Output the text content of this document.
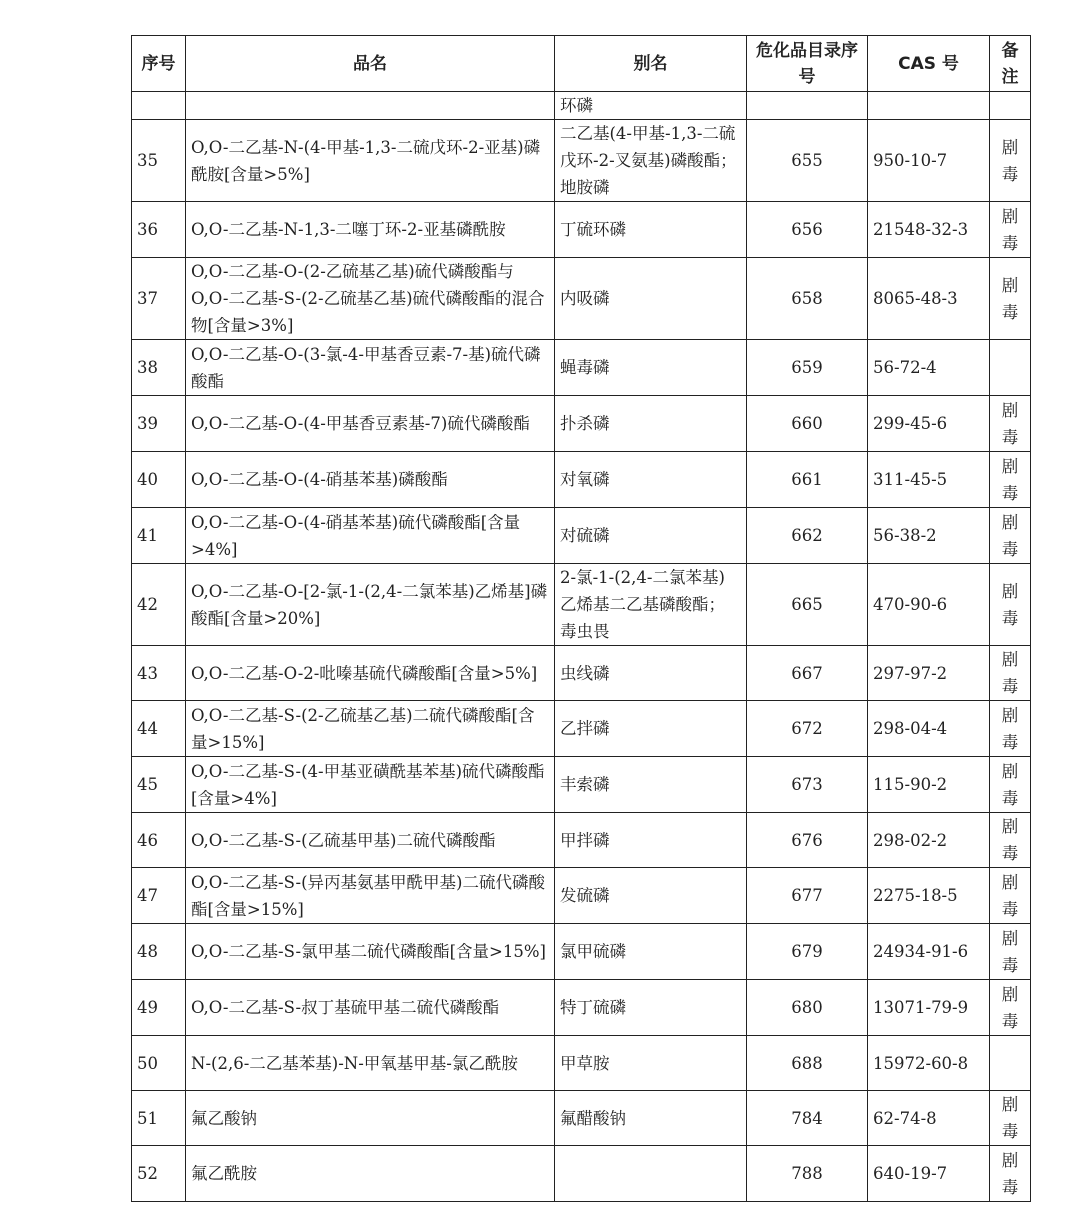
序号	品名	别名	危化品目录序号	CAS 号	备注
		环磷			
35	O,O-二乙基-N-(4-甲基-1,3-二硫戊环-2-亚基)磷酰胺[含量>5%]	二乙基(4-甲基-1,3-二硫戊环-2-叉氨基)磷酸酯；地胺磷	655	950-10-7	剧毒
36	O,O-二乙基-N-1,3-二噻丁环-2-亚基磷酰胺	丁硫环磷	656	21548-32-3	剧毒
37	O,O-二乙基-O-(2-乙硫基乙基)硫代磷酸酯与O,O-二乙基-S-(2-乙硫基乙基)硫代磷酸酯的混合物[含量>3%]	内吸磷	658	8065-48-3	剧毒
38	O,O-二乙基-O-(3-氯-4-甲基香豆素-7-基)硫代磷酸酯	蝇毒磷	659	56-72-4	
39	O,O-二乙基-O-(4-甲基香豆素基-7)硫代磷酸酯	扑杀磷	660	299-45-6	剧毒
40	O,O-二乙基-O-(4-硝基苯基)磷酸酯	对氧磷	661	311-45-5	剧毒
41	O,O-二乙基-O-(4-硝基苯基)硫代磷酸酯[含量>4%]	对硫磷	662	56-38-2	剧毒
42	O,O-二乙基-O-[2-氯-1-(2,4-二氯苯基)乙烯基]磷酸酯[含量>20%]	2-氯-1-(2,4-二氯苯基)乙烯基二乙基磷酸酯；毒虫畏	665	470-90-6	剧毒
43	O,O-二乙基-O-2-吡嗪基硫代磷酸酯[含量>5%]	虫线磷	667	297-97-2	剧毒
44	O,O-二乙基-S-(2-乙硫基乙基)二硫代磷酸酯[含量>15%]	乙拌磷	672	298-04-4	剧毒
45	O,O-二乙基-S-(4-甲基亚磺酰基苯基)硫代磷酸酯[含量>4%]	丰索磷	673	115-90-2	剧毒
46	O,O-二乙基-S-(乙硫基甲基)二硫代磷酸酯	甲拌磷	676	298-02-2	剧毒
47	O,O-二乙基-S-(异丙基氨基甲酰甲基)二硫代磷酸酯[含量>15%]	发硫磷	677	2275-18-5	剧毒
48	O,O-二乙基-S-氯甲基二硫代磷酸酯[含量>15%]	氯甲硫磷	679	24934-91-6	剧毒
49	O,O-二乙基-S-叔丁基硫甲基二硫代磷酸酯	特丁硫磷	680	13071-79-9	剧毒
50	N-(2,6-二乙基苯基)-N-甲氧基甲基-氯乙酰胺	甲草胺	688	15972-60-8	
51	氟乙酸钠	氟醋酸钠	784	62-74-8	剧毒
52	氟乙酰胺		788	640-19-7	剧毒
